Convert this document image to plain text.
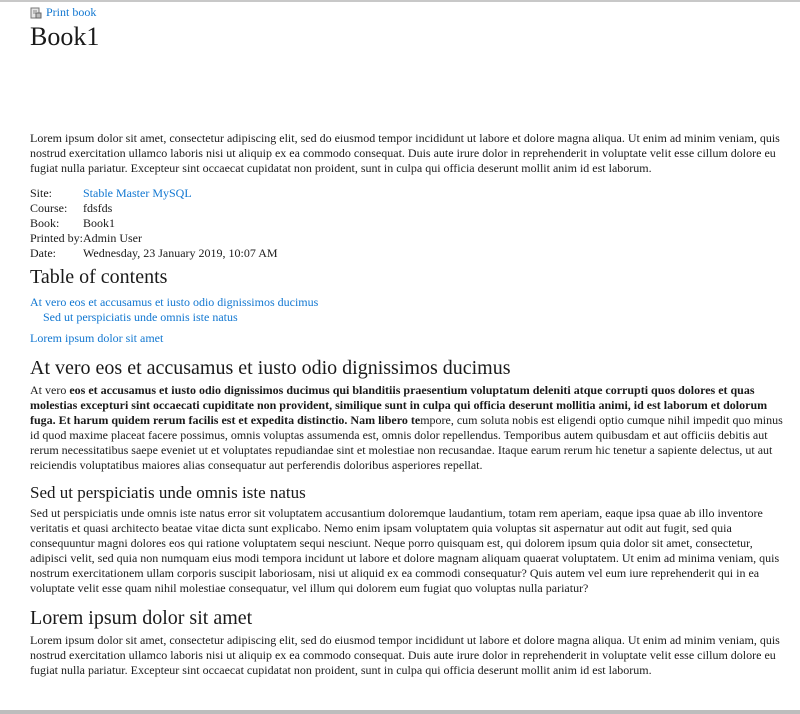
Print book
Book1

Lorem ipsum dolor sit amet, consectetur adipiscing elit, sed do eiusmod tempor incididunt ut labore et dolore magna aliqua. Ut enim ad minim veniam, quis nostrud exercitation ullamco laboris nisi ut aliquip ex ea commodo consequat. Duis aute irure dolor in reprehenderit in voluptate velit esse cillum dolore eu fugiat nulla pariatur. Excepteur sint occaecat cupidatat non proident, sunt in culpa qui officia deserunt mollit anim id est laborum.

Site:	Stable Master MySQL
Course:	fdsfds
Book:	Book1
Printed by:	Admin User
Date:	Wednesday, 23 January 2019, 10:07 AM
Table of contents
At vero eos et accusamus et iusto odio dignissimos ducimus
Sed ut perspiciatis unde omnis iste natus
Lorem ipsum dolor sit amet
At vero eos et accusamus et iusto odio dignissimos ducimus

At vero eos et accusamus et iusto odio dignissimos ducimus qui blanditiis praesentium voluptatum deleniti atque corrupti quos dolores et quas molestias excepturi sint occaecati cupiditate non provident, similique sunt in culpa qui officia deserunt mollitia animi, id est laborum et dolorum fuga. Et harum quidem rerum facilis est et expedita distinctio. Nam libero tempore, cum soluta nobis est eligendi optio cumque nihil impedit quo minus id quod maxime placeat facere possimus, omnis voluptas assumenda est, omnis dolor repellendus. Temporibus autem quibusdam et aut officiis debitis aut rerum necessitatibus saepe eveniet ut et voluptates repudiandae sint et molestiae non recusandae. Itaque earum rerum hic tenetur a sapiente delectus, ut aut reiciendis voluptatibus maiores alias consequatur aut perferendis doloribus asperiores repellat.

Sed ut perspiciatis unde omnis iste natus

Sed ut perspiciatis unde omnis iste natus error sit voluptatem accusantium doloremque laudantium, totam rem aperiam, eaque ipsa quae ab illo inventore veritatis et quasi architecto beatae vitae dicta sunt explicabo. Nemo enim ipsam voluptatem quia voluptas sit aspernatur aut odit aut fugit, sed quia consequuntur magni dolores eos qui ratione voluptatem sequi nesciunt. Neque porro quisquam est, qui dolorem ipsum quia dolor sit amet, consectetur, adipisci velit, sed quia non numquam eius modi tempora incidunt ut labore et dolore magnam aliquam quaerat voluptatem. Ut enim ad minima veniam, quis nostrum exercitationem ullam corporis suscipit laboriosam, nisi ut aliquid ex ea commodi consequatur? Quis autem vel eum iure reprehenderit qui in ea voluptate velit esse quam nihil molestiae consequatur, vel illum qui dolorem eum fugiat quo voluptas nulla pariatur?

Lorem ipsum dolor sit amet

Lorem ipsum dolor sit amet, consectetur adipiscing elit, sed do eiusmod tempor incididunt ut labore et dolore magna aliqua. Ut enim ad minim veniam, quis nostrud exercitation ullamco laboris nisi ut aliquip ex ea commodo consequat. Duis aute irure dolor in reprehenderit in voluptate velit esse cillum dolore eu fugiat nulla pariatur. Excepteur sint occaecat cupidatat non proident, sunt in culpa qui officia deserunt mollit anim id est laborum.
